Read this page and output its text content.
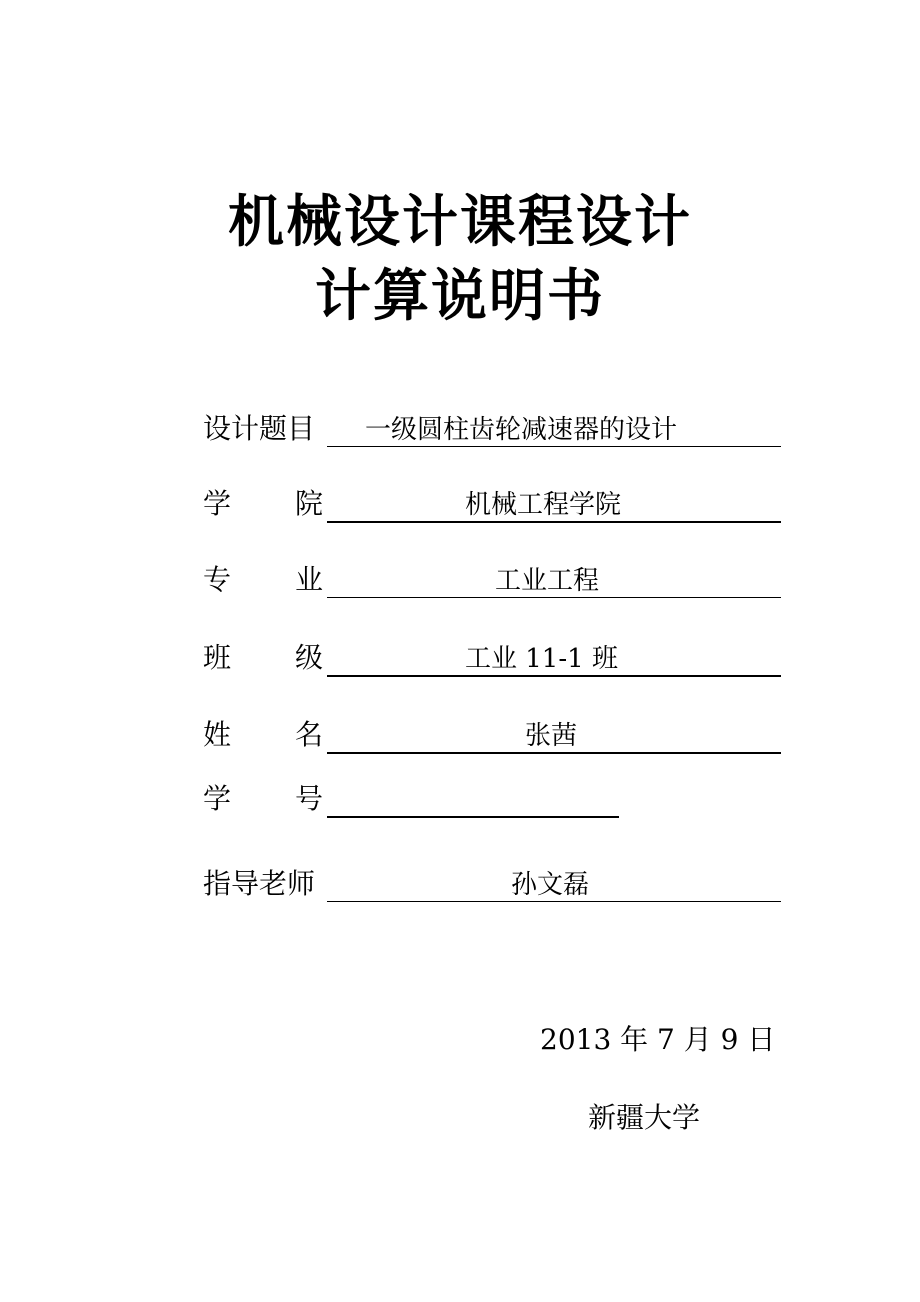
机械设计课程设计
计算说明书
设计题目 一级圆柱齿轮减速器的设计
学 院	机械工程学院
专 业	工业工程
班 级	工业 11-1 班
姓 名	张茜
学 号
指导老师	孙文磊
2013 年 7 月 9 日
新疆大学
